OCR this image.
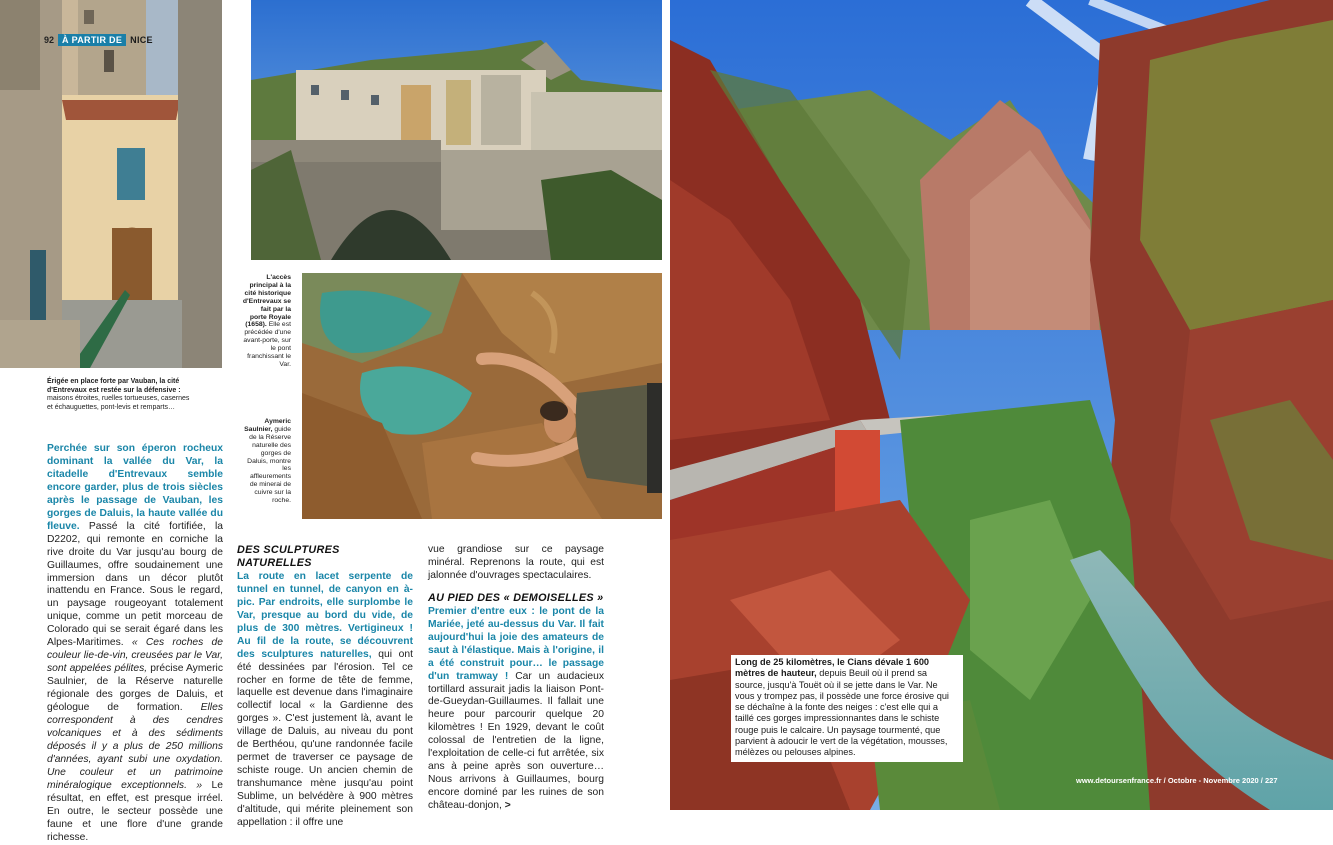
92 À PARTIR DE NICE
Érigée en place forte par Vauban, la cité d'Entrevaux est restée sur la défensive : maisons étroites, ruelles tortueuses, casernes et échauguettes, pont-levis et remparts…

Perchée sur son éperon rocheux dominant la vallée du Var, la citadelle d'Entrevaux semble encore garder, plus de trois siècles après le passage de Vauban, les gorges de Daluis, la haute vallée du fleuve. Passé la cité fortifiée, la D2202, qui remonte en corniche la rive droite du Var jusqu'au bourg de Guillaumes, offre soudainement une immersion dans un décor plutôt inattendu en France. Sous le regard, un paysage rougeoyant totalement unique, comme un petit morceau de Colorado qui se serait égaré dans les Alpes-Maritimes. « Ces roches de couleur lie-de-vin, creusées par le Var, sont appelées pélites, précise Aymeric Saulnier, de la Réserve naturelle régionale des gorges de Daluis, et géologue de formation. Elles correspondent à des cendres volcaniques et à des sédiments déposés il y a plus de 250 millions d'années, ayant subi une oxydation. Une couleur et un patrimoine minéralogique exceptionnels. » Le résultat, en effet, est presque irréel. En outre, le secteur possède une faune et une flore d'une grande richesse.

L'accès principal à la cité historique d'Entrevaux se fait par la porte Royale (1658). Elle est précédée d'une avant-porte, sur le pont franchissant le Var.
Aymeric Saulnier, guide de la Réserve naturelle des gorges de Daluis, montre les affleurements de minerai de cuivre sur la roche.
DES SCULPTURES NATURELLES

La route en lacet serpente de tunnel en tunnel, de canyon en à-pic. Par endroits, elle surplombe le Var, presque au bord du vide, de plus de 300 mètres. Vertigineux ! Au fil de la route, se découvrent des sculptures naturelles, qui ont été dessinées par l'érosion. Tel ce rocher en forme de tête de femme, laquelle est devenue dans l'imaginaire collectif local « la Gardienne des gorges ». C'est justement là, avant le village de Daluis, au niveau du pont de Berthéou, qu'une randonnée facile permet de traverser ce paysage de schiste rouge. Un ancien chemin de transhumance mène jusqu'au point Sublime, un belvédère à 900 mètres d'altitude, qui mérite pleinement son appellation : il offre une

vue grandiose sur ce paysage minéral. Reprenons la route, qui est jalonnée d'ouvrages spectaculaires.

AU PIED DES « DEMOISELLES »

Premier d'entre eux : le pont de la Mariée, jeté au-dessus du Var. Il fait aujourd'hui la joie des amateurs de saut à l'élastique. Mais à l'origine, il a été construit pour… le passage d'un tramway ! Car un audacieux tortillard assurait jadis la liaison Pont-de-Gueydan-Guillaumes. Il fallait une heure pour parcourir quelque 20 kilomètres ! En 1929, devant le coût colossal de l'entretien de la ligne, l'exploitation de celle-ci fut arrêtée, six ans à peine après son ouverture… Nous arrivons à Guillaumes, bourg encore dominé par les ruines de son château-donjon, >

Long de 25 kilomètres, le Cians dévale 1 600 mètres de hauteur, depuis Beuil où il prend sa source, jusqu'à Touët où il se jette dans le Var. Ne vous y trompez pas, il possède une force érosive qui se déchaîne à la fonte des neiges : c'est elle qui a taillé ces gorges impressionnantes dans le schiste rouge puis le calcaire. Un paysage tourmenté, que parvient à adoucir le vert de la végétation, mousses, mélèzes ou pelouses alpines.
www.detoursenfrance.fr / Octobre - Novembre 2020 / 227
